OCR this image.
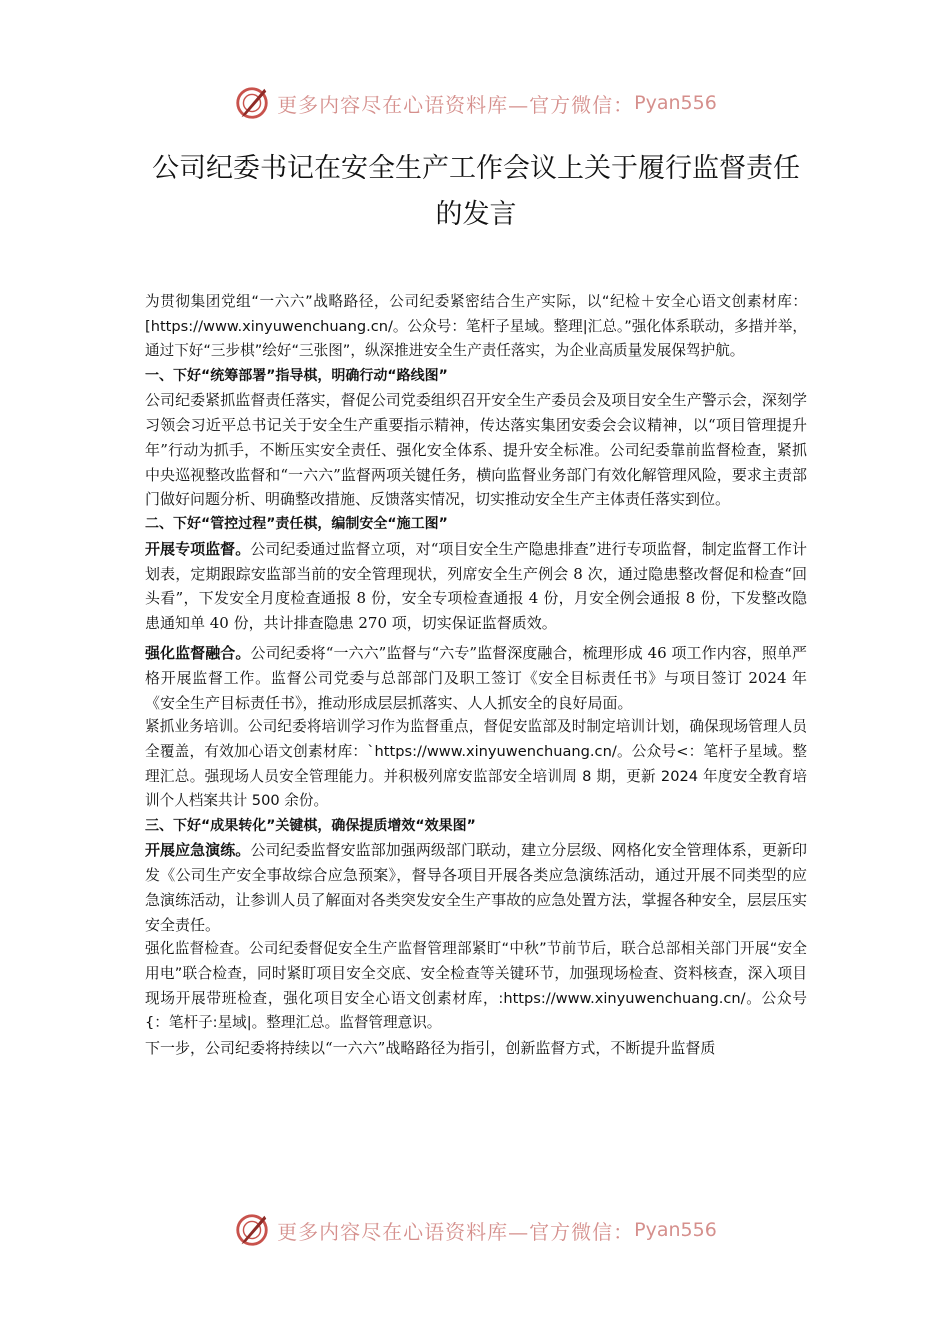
更多内容尽在心语资料库—官方微信： Pyan556
公司纪委书记在安全生产工作会议上关于履行监督责任的发言

为贯彻集团党组“一六六”战略路径，公司纪委紧密结合生产实际，以“纪检＋安全心语文创素材库：[https://www.xinyuwenchuang.cn/。公众号：笔杆子星域。整理|汇总。”强化体系联动，多措并举，通过下好“三步棋”绘好“三张图”，纵深推进安全生产责任落实，为企业高质量发展保驾护航。

一、下好“统筹部署”指导棋，明确行动“路线图”

公司纪委紧抓监督责任落实，督促公司党委组织召开安全生产委员会及项目安全生产警示会，深刻学习领会习近平总书记关于安全生产重要指示精神，传达落实集团安委会会议精神，以“项目管理提升年”行动为抓手，不断压实安全责任、强化安全体系、提升安全标准。公司纪委靠前监督检查，紧抓中央巡视整改监督和“一六六”监督两项关键任务，横向监督业务部门有效化解管理风险，要求主责部门做好问题分析、明确整改措施、反馈落实情况，切实推动安全生产主体责任落实到位。

二、下好“管控过程”责任棋，编制安全“施工图”

开展专项监督。公司纪委通过监督立项，对“项目安全生产隐患排查”进行专项监督，制定监督工作计划表，定期跟踪安监部当前的安全管理现状，列席安全生产例会 8 次，通过隐患整改督促和检查“回头看”，下发安全月度检查通报 8 份，安全专项检查通报 4 份，月安全例会通报 8 份，下发整改隐患通知单 40 份，共计排查隐患 270 项，切实保证监督质效。

强化监督融合。公司纪委将“一六六”监督与“六专”监督深度融合，梳理形成 46 项工作内容，照单严格开展监督工作。监督公司党委与总部部门及职工签订《安全目标责任书》与项目签订 2024 年《安全生产目标责任书》，推动形成层层抓落实、人人抓安全的良好局面。

紧抓业务培训。公司纪委将培训学习作为监督重点，督促安监部及时制定培训计划，确保现场管理人员全覆盖，有效加心语文创素材库：`https://www.xinyuwenchuang.cn/。公众号<：笔杆子星域。整理汇总。强现场人员安全管理能力。并积极列席安监部安全培训周 8 期，更新 2024 年度安全教育培训个人档案共计 500 余份。

三、下好“成果转化”关键棋，确保提质增效“效果图”

开展应急演练。公司纪委监督安监部加强两级部门联动，建立分层级、网格化安全管理体系，更新印发《公司生产安全事故综合应急预案》，督导各项目开展各类应急演练活动，通过开展不同类型的应急演练活动，让参训人员了解面对各类突发安全生产事故的应急处置方法，掌握各种安全，层层压实安全责任。

强化监督检查。公司纪委督促安全生产监督管理部紧盯“中秋”节前节后，联合总部相关部门开展“安全用电”联合检查，同时紧盯项目安全交底、安全检查等关键环节，加强现场检查、资料核查，深入项目现场开展带班检查，强化项目安全心语文创素材库，:https://www.xinyuwenchuang.cn/。公众号{：笔杆子:星域|。整理汇总。监督管理意识。

下一步，公司纪委将持续以“一六六”战略路径为指引，创新监督方式，不断提升监督质

更多内容尽在心语资料库—官方微信： Pyan556
